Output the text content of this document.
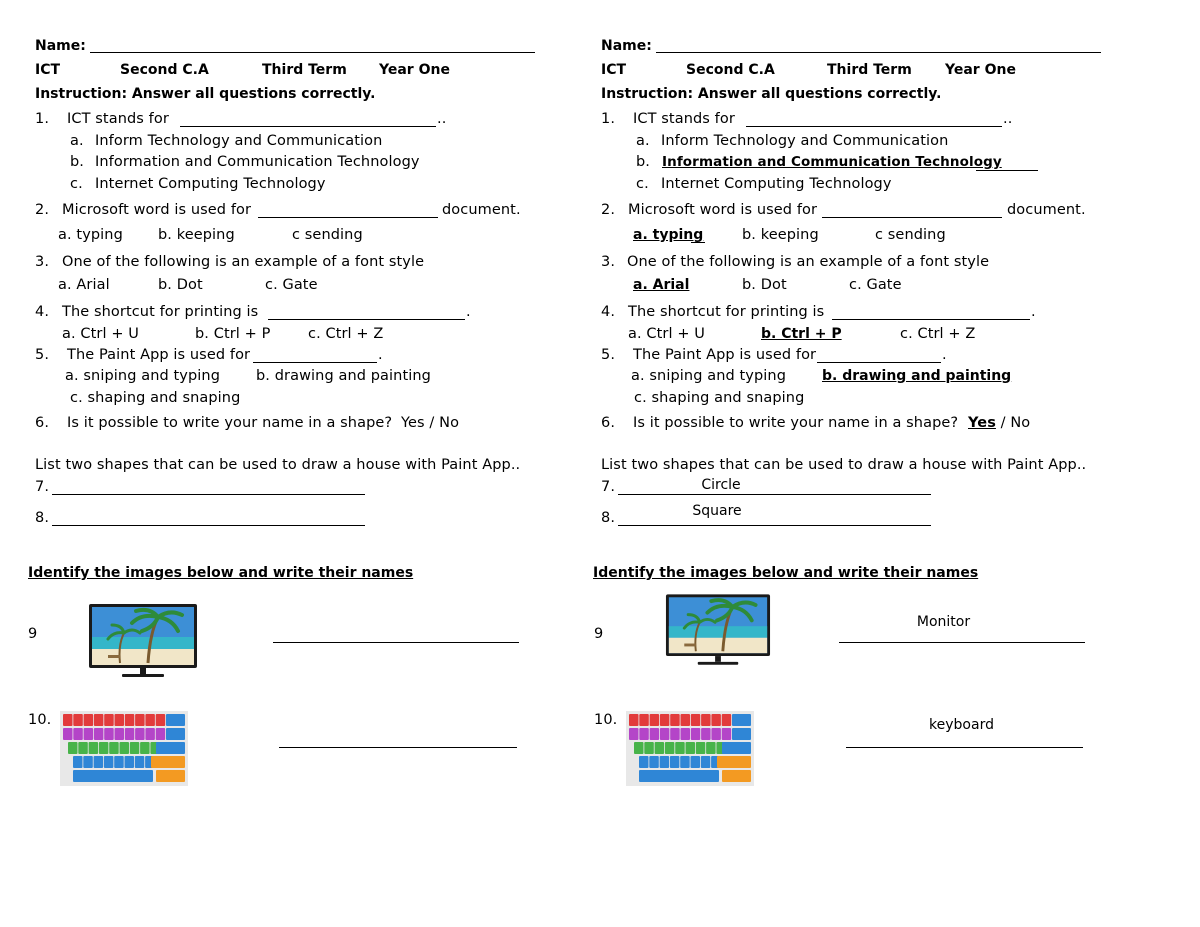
Name:
ICT	Second C.A	Third Term Year One
Instruction: Answer all questions correctly.
1. ICT stands for	..
a. Inform Technology and Communication
b. Information and Communication Technology
c. Internet Computing Technology
2. Microsoft word is used for	document.
a. typing b. keeping	c sending
3. One of the following is an example of a font style
a. Arial	b. Dot	c. Gate
4. The shortcut for printing is	.
a. Ctrl + U	b. Ctrl + P	c. Ctrl + Z
5. The Paint App is used for	.
a. sniping and typing b. drawing and painting
c. shaping and snaping
6. Is it possible to write your name in a shape? Yes / No
List two shapes that can be used to draw a house with Paint App..
7.
8.
Identify the images below and write their names
9
10.
Name:
ICT	Second C.A	Third Term Year One
Instruction: Answer all questions correctly.
1. ICT stands for	..
a. Inform Technology and Communication
b. Information and Communication Technology
c. Internet Computing Technology
2. Microsoft word is used for	document.
a. typing	b. keeping	c sending
3. One of the following is an example of a font style
a. Arial	b. Dot	c. Gate
4. The shortcut for printing is	.
a. Ctrl + U	b. Ctrl + P	c. Ctrl + Z
5. The Paint App is used for	.
a. sniping and typing	b. drawing and painting
c. shaping and snaping
6. Is it possible to write your name in a shape? Yes / No
List two shapes that can be used to draw a house with Paint App..
7.	Circle
8.	Square
Identify the images below and write their names
9
Monitor
10.	keyboard
